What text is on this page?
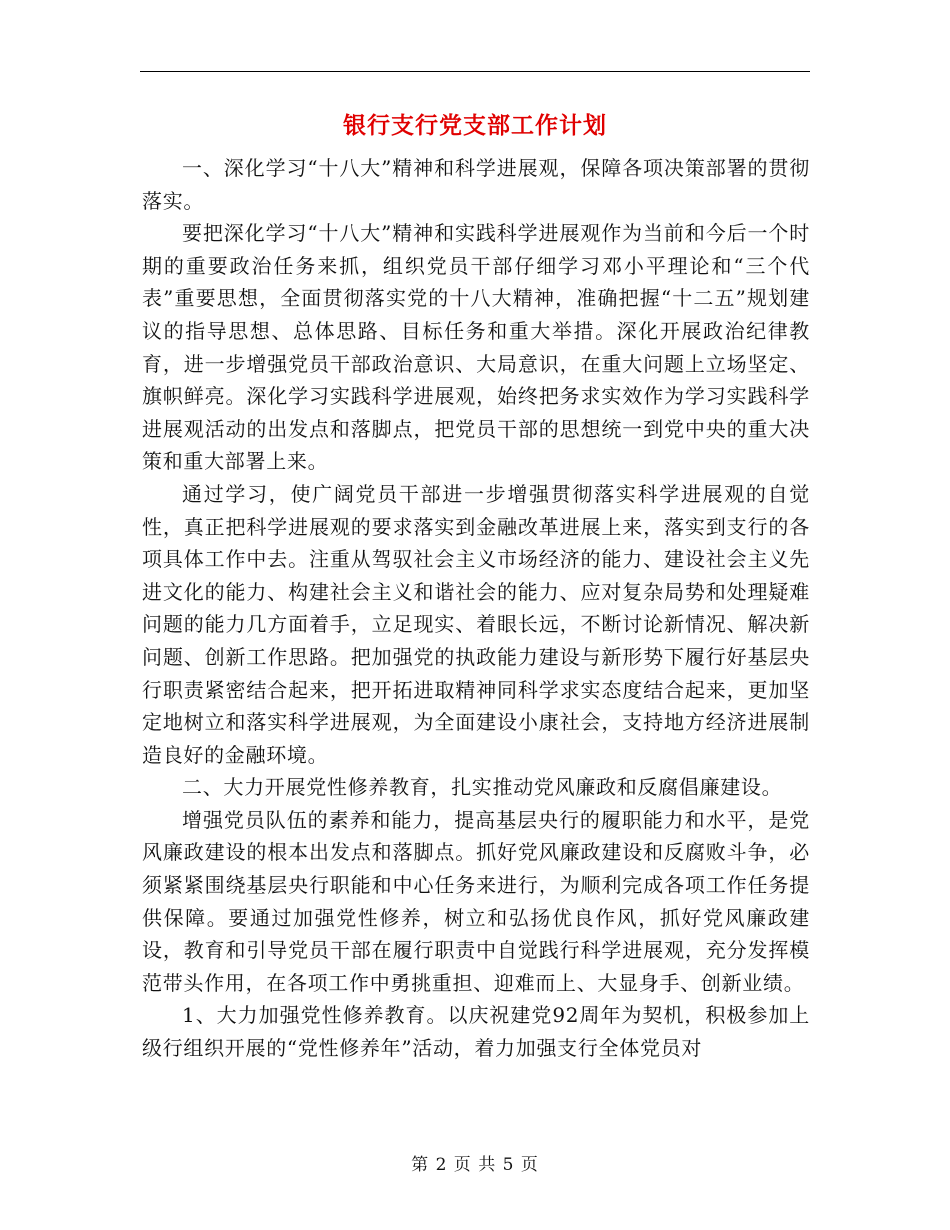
银行支行党支部工作计划

一、深化学习“十八大”精神和科学进展观，保障各项决策部署的贯彻落实。

要把深化学习“十八大”精神和实践科学进展观作为当前和今后一个时期的重要政治任务来抓，组织党员干部仔细学习邓小平理论和“三个代表”重要思想，全面贯彻落实党的十八大精神，准确把握“十二五”规划建议的指导思想、总体思路、目标任务和重大举措。深化开展政治纪律教育，进一步增强党员干部政治意识、大局意识，在重大问题上立场坚定、旗帜鲜亮。深化学习实践科学进展观，始终把务求实效作为学习实践科学进展观活动的出发点和落脚点，把党员干部的思想统一到党中央的重大决策和重大部署上来。

通过学习，使广阔党员干部进一步增强贯彻落实科学进展观的自觉性，真正把科学进展观的要求落实到金融改革进展上来，落实到支行的各项具体工作中去。注重从驾驭社会主义市场经济的能力、建设社会主义先进文化的能力、构建社会主义和谐社会的能力、应对复杂局势和处理疑难问题的能力几方面着手，立足现实、着眼长远，不断讨论新情况、解决新问题、创新工作思路。把加强党的执政能力建设与新形势下履行好基层央行职责紧密结合起来，把开拓进取精神同科学求实态度结合起来，更加坚定地树立和落实科学进展观，为全面建设小康社会，支持地方经济进展制造良好的金融环境。

二、大力开展党性修养教育，扎实推动党风廉政和反腐倡廉建设。

增强党员队伍的素养和能力，提高基层央行的履职能力和水平，是党风廉政建设的根本出发点和落脚点。抓好党风廉政建设和反腐败斗争，必须紧紧围绕基层央行职能和中心任务来进行，为顺利完成各项工作任务提供保障。要通过加强党性修养，树立和弘扬优良作风，抓好党风廉政建设，教育和引导党员干部在履行职责中自觉践行科学进展观，充分发挥模范带头作用，在各项工作中勇挑重担、迎难而上、大显身手、创新业绩。

1、大力加强党性修养教育。以庆祝建党92周年为契机，积极参加上级行组织开展的“党性修养年”活动，着力加强支行全体党员对

第 2 页 共 5 页
